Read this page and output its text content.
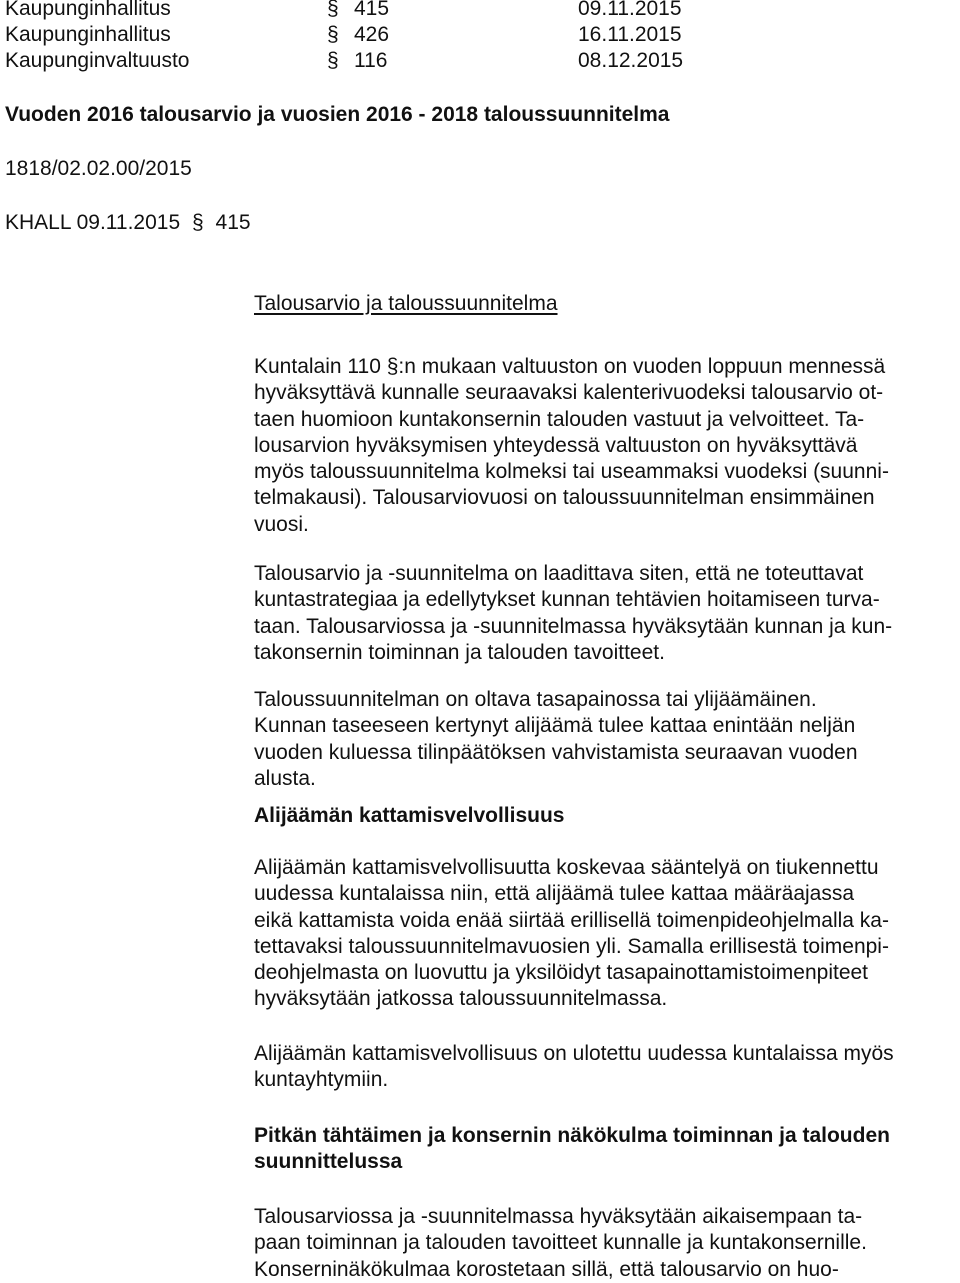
Kaupunginhallitus	§ 415	09.11.2015
Kaupunginhallitus	§ 426	16.11.2015
Kaupunginvaltuusto	§ 116	08.12.2015
Vuoden 2016 talousarvio ja vuosien 2016 - 2018 taloussuunnitelma
1818/02.02.00/2015
KHALL 09.11.2015 § 415
Talousarvio ja taloussuunnitelma
Kuntalain 110 §:n mukaan valtuuston on vuoden loppuun mennessä
hyväksyttävä kunnalle seuraavaksi kalenterivuodeksi talousarvio ot-
taen huomioon kuntakonsernin talouden vastuut ja velvoitteet. Ta-
lousarvion hyväksymisen yhteydessä valtuuston on hyväksyttävä
myös taloussuunnitelma kolmeksi tai useammaksi vuodeksi (suunni-
telmakausi). Talousarviovuosi on taloussuunnitelman ensimmäinen
vuosi.
Talousarvio ja -suunnitelma on laadittava siten, että ne toteuttavat
kuntastrategiaa ja edellytykset kunnan tehtävien hoitamiseen turva-
taan. Talousarviossa ja -suunnitelmassa hyväksytään kunnan ja kun-
takonsernin toiminnan ja talouden tavoitteet.
Taloussuunnitelman on oltava tasapainossa tai ylijäämäinen.
Kunnan taseeseen kertynyt alijäämä tulee kattaa enintään neljän
vuoden kuluessa tilinpäätöksen vahvistamista seuraavan vuoden
alusta.
Alijäämän kattamisvelvollisuus
Alijäämän kattamisvelvollisuutta koskevaa sääntelyä on tiukennettu
uudessa kuntalaissa niin, että alijäämä tulee kattaa määräajassa
eikä kattamista voida enää siirtää erillisellä toimenpideohjelmalla ka-
tettavaksi taloussuunnitelmavuosien yli. Samalla erillisestä toimenpi-
deohjelmasta on luovuttu ja yksilöidyt tasapainottamistoimenpiteet
hyväksytään jatkossa taloussuunnitelmassa.
Alijäämän kattamisvelvollisuus on ulotettu uudessa kuntalaissa myös
kuntayhtymiin.
Pitkän tähtäimen ja konsernin näkökulma toiminnan ja talouden
suunnittelussa
Talousarviossa ja -suunnitelmassa hyväksytään aikaisempaan ta-
paan toiminnan ja talouden tavoitteet kunnalle ja kuntakonsernille.
Konserninäkökulmaa korostetaan sillä, että talousarvio on huo-
